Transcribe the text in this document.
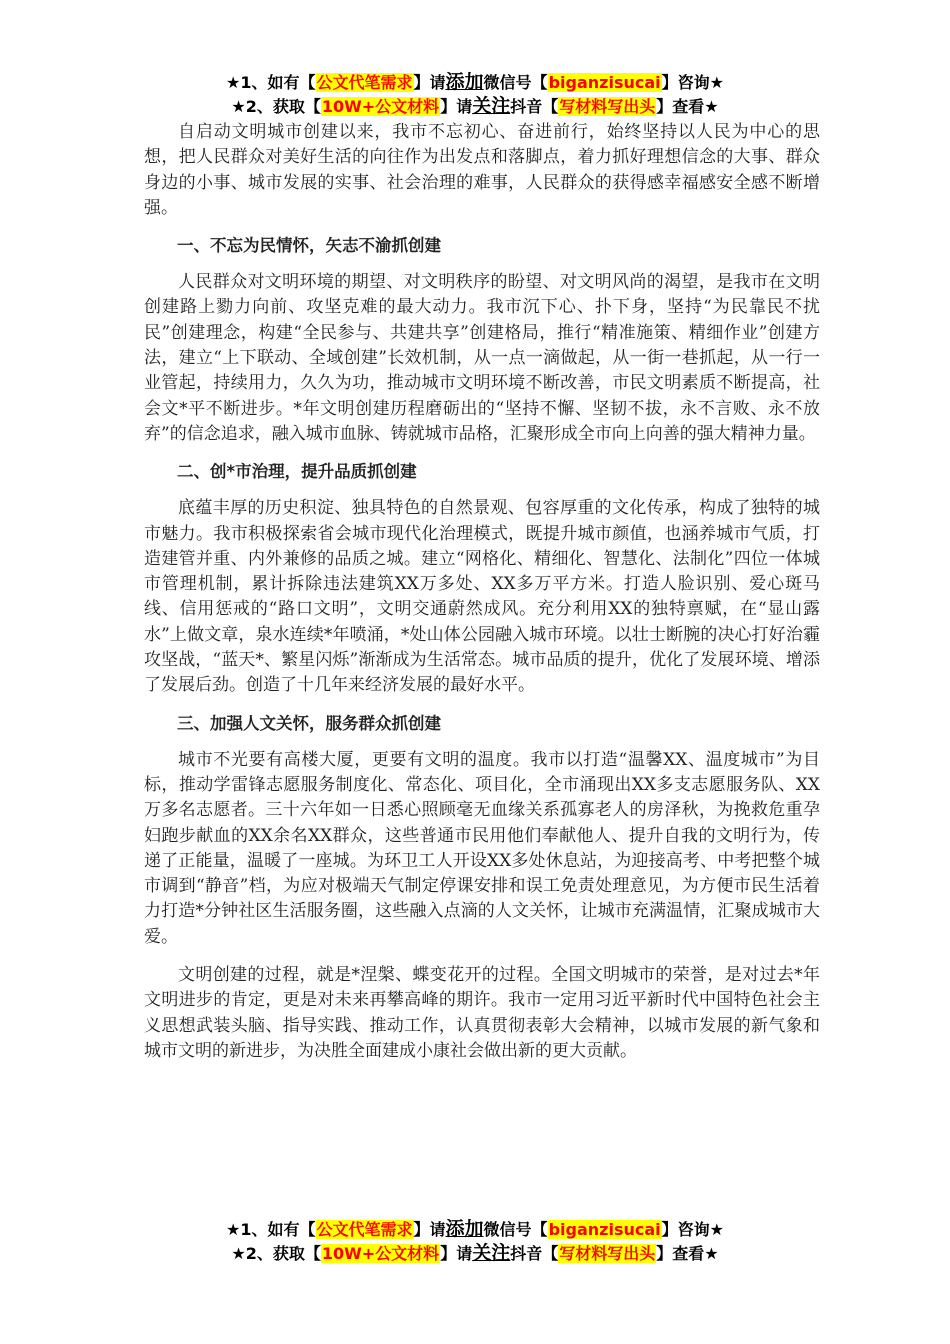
★1、如有【公文代笔需求】请添加微信号【biganzisucai】咨询★
★2、获取【10W+公文材料】请关注抖音【写材料写出头】查看★

自启动文明城市创建以来，我市不忘初心、奋进前行，始终坚持以人民为中心的思想，把人民群众对美好生活的向往作为出发点和落脚点，着力抓好理想信念的大事、群众身边的小事、城市发展的实事、社会治理的难事，人民群众的获得感幸福感安全感不断增强。

一、不忘为民情怀，矢志不渝抓创建

人民群众对文明环境的期望、对文明秩序的盼望、对文明风尚的渴望，是我市在文明创建路上勠力向前、攻坚克难的最大动力。我市沉下心、扑下身，坚持“为民靠民不扰民”创建理念，构建“全民参与、共建共享”创建格局，推行“精准施策、精细作业”创建方法，建立“上下联动、全域创建”长效机制，从一点一滴做起，从一街一巷抓起，从一行一业管起，持续用力，久久为功，推动城市文明环境不断改善，市民文明素质不断提高，社会文*平不断进步。*年文明创建历程磨砺出的“坚持不懈、坚韧不拔，永不言败、永不放弃”的信念追求，融入城市血脉、铸就城市品格，汇聚形成全市向上向善的强大精神力量。

二、创*市治理，提升品质抓创建

底蕴丰厚的历史积淀、独具特色的自然景观、包容厚重的文化传承，构成了独特的城市魅力。我市积极探索省会城市现代化治理模式，既提升城市颜值，也涵养城市气质，打造建管并重、内外兼修的品质之城。建立“网格化、精细化、智慧化、法制化”四位一体城市管理机制，累计拆除违法建筑XX万多处、XX多万平方米。打造人脸识别、爱心斑马线、信用惩戒的“路口文明”，文明交通蔚然成风。充分利用XX的独特禀赋，在“显山露水”上做文章，泉水连续*年喷涌，*处山体公园融入城市环境。以壮士断腕的决心打好治霾攻坚战，“蓝天*、繁星闪烁”渐渐成为生活常态。城市品质的提升，优化了发展环境、增添了发展后劲。创造了十几年来经济发展的最好水平。

三、加强人文关怀，服务群众抓创建

城市不光要有高楼大厦，更要有文明的温度。我市以打造“温馨XX、温度城市”为目标，推动学雷锋志愿服务制度化、常态化、项目化，全市涌现出XX多支志愿服务队、XX万多名志愿者。三十六年如一日悉心照顾毫无血缘关系孤寡老人的房泽秋，为挽救危重孕妇跑步献血的XX余名XX群众，这些普通市民用他们奉献他人、提升自我的文明行为，传递了正能量，温暖了一座城。为环卫工人开设XX多处休息站，为迎接高考、中考把整个城市调到“静音”档，为应对极端天气制定停课安排和误工免责处理意见，为方便市民生活着力打造*分钟社区生活服务圈，这些融入点滴的人文关怀，让城市充满温情，汇聚成城市大爱。

文明创建的过程，就是*涅槃、蝶变花开的过程。全国文明城市的荣誉，是对过去*年文明进步的肯定，更是对未来再攀高峰的期许。我市一定用习近平新时代中国特色社会主义思想武装头脑、指导实践、推动工作，认真贯彻表彰大会精神，以城市发展的新气象和城市文明的新进步，为决胜全面建成小康社会做出新的更大贡献。

★1、如有【公文代笔需求】请添加微信号【biganzisucai】咨询★
★2、获取【10W+公文材料】请关注抖音【写材料写出头】查看★
